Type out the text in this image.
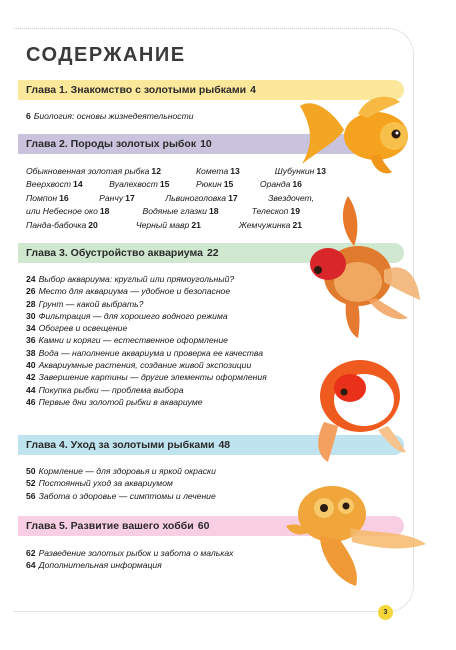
СОДЕРЖАНИЕ
Глава 1. Знакомство с золотыми рыбками 4
6 Биология: основы жизнедеятельности
Глава 2. Породы золотых рыбок 10
Обыкновенная золотая рыбка 12	Комета 13	Шубункин 13
Вееρхвост 14	Вуалехвост 15	Рюкин 15	Оранда 16
Помпон 16	Ранчу 17	Львиноголовка 17	Звездочет,
или Небесное око 18	Водяные глазки 18	Телескоп 19
Панда-бабочка 20	Черный мавр 21	Жемчужинка 21
Глава 3. Обустройство аквариума 22
24 Выбор аквариума: круглый или прямоугольный?
26 Место для аквариума — удобное и безопасное
28 Грунт — какой выбрать?
30 Фильтрация — для хорошего водного режима
34 Обогрев и освещение
36 Камни и коряги — естественное оформление
38 Вода — наполнение аквариума и проверка ее качества
40 Аквариумные растения, создание живой экспозиции
42 Завершение картины — другие элементы оформления
44 Покупка рыбки — проблема выбора
46 Первые дни золотой рыбки в аквариуме
Глава 4. Уход за золотыми рыбками 48
50 Кормление — для здоровья и яркой окраски
52 Постоянный уход за аквариумом
56 Забота о здоровье — симптомы и лечение
Глава 5. Развитие вашего хобби 60
62 Разведение золотых рыбок и забота о мальках
64 Дополнительная информация
3
